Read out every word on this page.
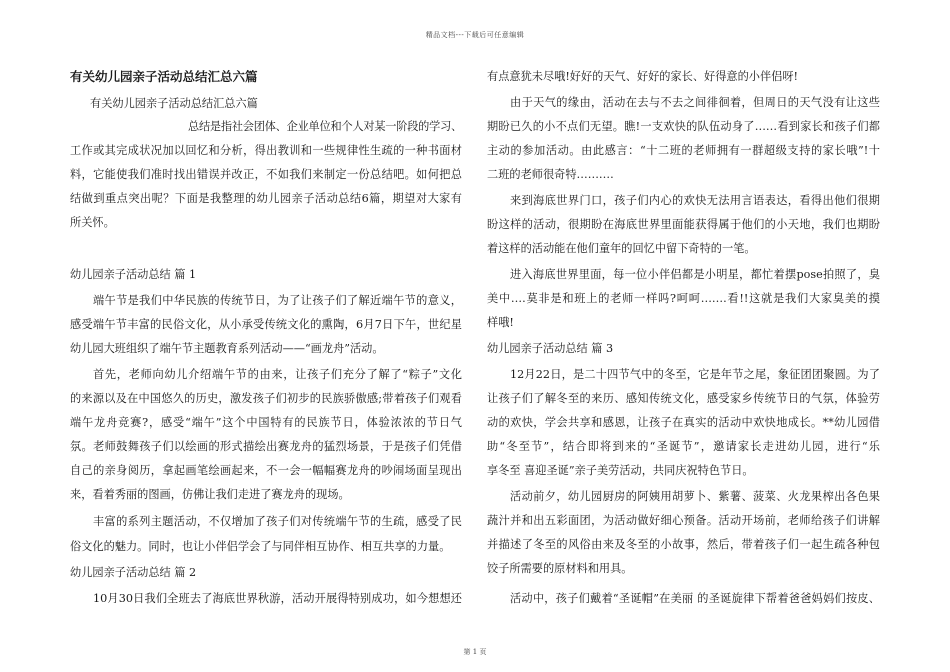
精品文档---下载后可任意编辑
有关幼儿园亲子活动总结汇总六篇
有关幼儿园亲子活动总结汇总六篇
总结是指社会团体、企业单位和个人对某一阶段的学习、
工作或其完成状况加以回忆和分析，得出教训和一些规律性生疏的一种书面材
料，它能使我们准时找出错误并改正，不如我们来制定一份总结吧。如何把总
结做到重点突出呢？下面是我整理的幼儿园亲子活动总结6篇，期望对大家有
所关怀。
幼儿园亲子活动总结 篇 1
端午节是我们中华民族的传统节日，为了让孩子们了解近端午节的意义，
感受端午节丰富的民俗文化，从小承受传统文化的熏陶，6月7日下午，世纪星
幼儿园大班组织了端午节主题教育系列活动——“画龙舟”活动。
首先，老师向幼儿介绍端午节的由来，让孩子们充分了解了“粽子”文化
的来源以及在中国悠久的历史，激发孩子们初步的民族骄傲感;带着孩子们观看
端午龙舟竞赛?，感受“端午”这个中国特有的民族节日，体验浓浓的节日气
氛。老师鼓舞孩子们以绘画的形式描绘出赛龙舟的猛烈场景，于是孩子们凭借
自己的亲身阅历，拿起画笔绘画起来，不一会一幅幅赛龙舟的吵闹场面呈现出
来，看着秀丽的图画，仿佛让我们走进了赛龙舟的现场。
丰富的系列主题活动，不仅增加了孩子们对传统端午节的生疏，感受了民
俗文化的魅力。同时，也让小伴侣学会了与同伴相互协作、相互共享的力量。
幼儿园亲子活动总结 篇 2
10月30日我们全班去了海底世界秋游，活动开展得特别成功，如今想想还
有点意犹未尽哦!好好的天气、好好的家长、好得意的小伴侣呀!
由于天气的缘由，活动在去与不去之间徘徊着，但周日的天气没有让这些
期盼已久的小不点们无望。瞧!一支欢快的队伍动身了……看到家长和孩子们都
主动的参加活动。由此感言：“十二班的老师拥有一群超级支持的家长哦”!十
二班的老师很奇特……….
来到海底世界门口，孩子们内心的欢快无法用言语表达，看得出他们很期
盼这样的活动，很期盼在海底世界里面能获得属于他们的小天地，我们也期盼
着这样的活动能在他们童年的回忆中留下奇特的一笔。
进入海底世界里面，每一位小伴侣都是小明星，都忙着摆pose拍照了，臭
美中….莫非是和班上的老师一样吗?呵呵…….看!!这就是我们大家臭美的摸
样哦!
幼儿园亲子活动总结 篇 3
12月22日，是二十四节气中的冬至，它是年节之尾，象征团团聚圆。为了
让孩子们了解冬至的来历、感知传统文化，感受家乡传统节日的气氛，体验劳
动的欢快，学会共享和感恩，让孩子在真实的活动中欢快地成长。**幼儿园借
助“冬至节”，结合即将到来的“圣诞节”，邀请家长走进幼儿园，进行“乐
享冬至 喜迎圣诞”亲子美劳活动，共同庆祝特色节日。
活动前夕，幼儿园厨房的阿姨用胡萝卜、紫薯、菠菜、火龙果榨出各色果
蔬汁并和出五彩面团，为活动做好细心预备。活动开场前，老师给孩子们讲解
并描述了冬至的风俗由来及冬至的小故事，然后，带着孩子们一起生疏各种包
饺子所需要的原材料和用具。
活动中，孩子们戴着“圣诞帽”在美丽 的圣诞旋律下帮着爸爸妈妈们按皮、
第 1 页
